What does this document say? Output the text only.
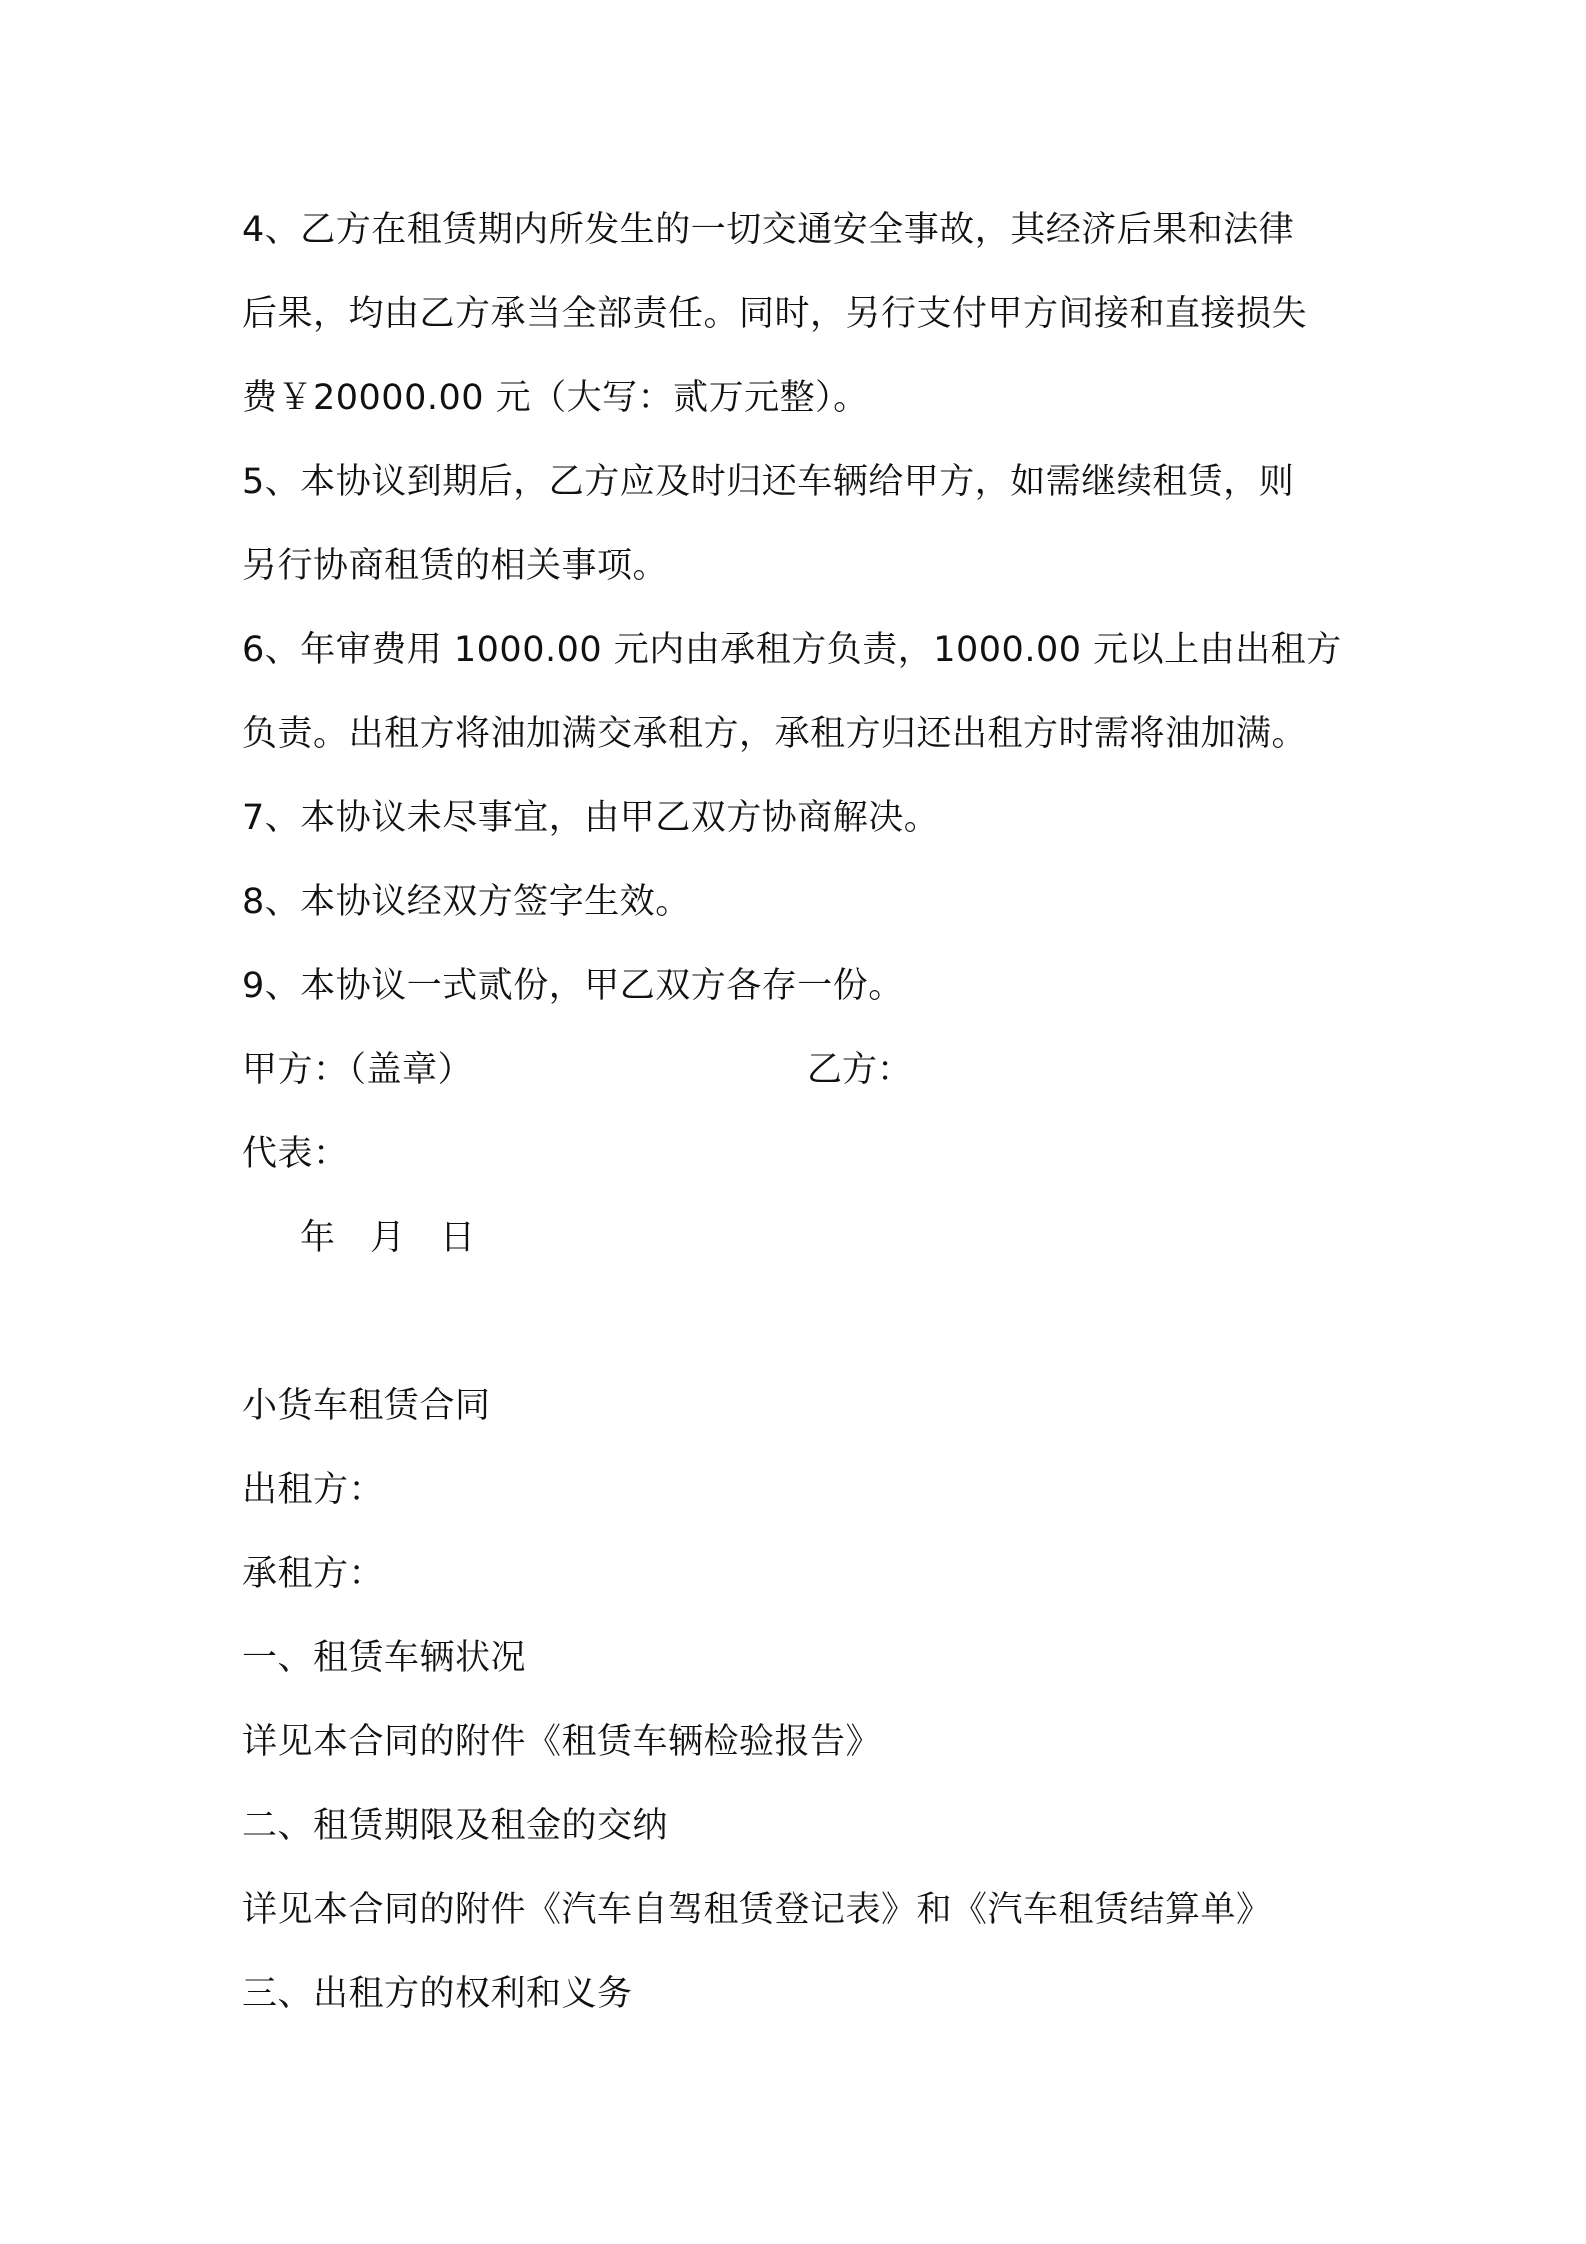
4、乙方在租赁期内所发生的一切交通安全事故，其经济后果和法律
后果，均由乙方承当全部责任。同时，另行支付甲方间接和直接损失
费￥20000.00 元（大写：贰万元整）。
5、本协议到期后，乙方应及时归还车辆给甲方，如需继续租赁，则
另行协商租赁的相关事项。
6、年审费用 1000.00 元内由承租方负责，1000.00 元以上由出租方
负责。出租方将油加满交承租方，承租方归还出租方时需将油加满。
7、本协议未尽事宜，由甲乙双方协商解决。
8、本协议经双方签字生效。
9、本协议一式贰份，甲乙双方各存一份。
甲方：（盖章）	乙方：
代表：
年　月　日
小货车租赁合同
出租方：
承租方：
一、租赁车辆状况
详见本合同的附件《租赁车辆检验报告》
二、租赁期限及租金的交纳
详见本合同的附件《汽车自驾租赁登记表》和《汽车租赁结算单》
三、出租方的权利和义务
